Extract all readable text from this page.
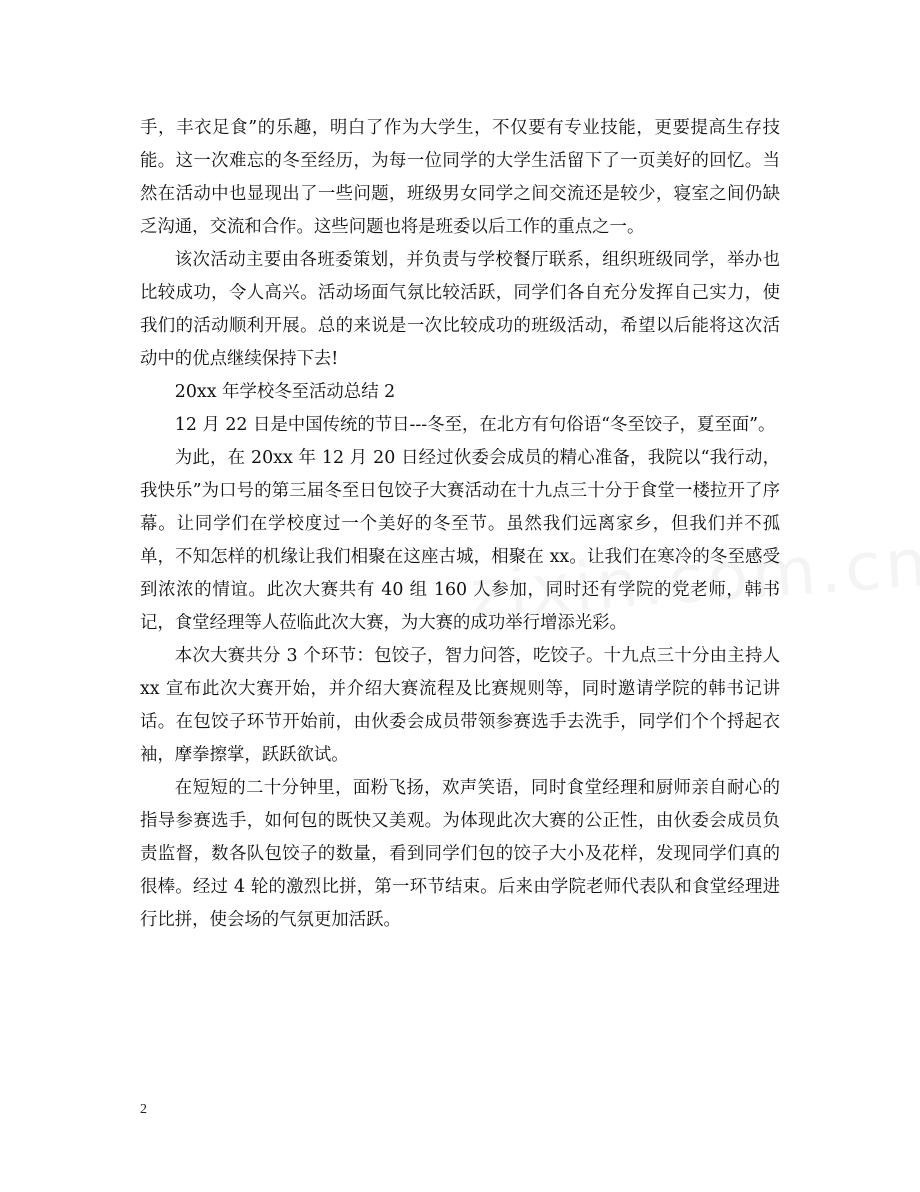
手，丰衣足食”的乐趣，明白了作为大学生，不仅要有专业技能，更要提高生存技能。这一次难忘的冬至经历，为每一位同学的大学生活留下了一页美好的回忆。当然在活动中也显现出了一些问题，班级男女同学之间交流还是较少，寝室之间仍缺乏沟通，交流和合作。这些问题也将是班委以后工作的重点之一。

该次活动主要由各班委策划，并负责与学校餐厅联系，组织班级同学，举办也比较成功，令人高兴。活动场面气氛比较活跃，同学们各自充分发挥自己实力，使我们的活动顺利开展。总的来说是一次比较成功的班级活动，希望以后能将这次活动中的优点继续保持下去!

20xx 年学校冬至活动总结 2

12 月 22 日是中国传统的节日---冬至，在北方有句俗语“冬至饺子，夏至面”。

为此，在 20xx 年 12 月 20 日经过伙委会成员的精心准备，我院以“我行动，我快乐”为口号的第三届冬至日包饺子大赛活动在十九点三十分于食堂一楼拉开了序幕。让同学们在学校度过一个美好的冬至节。虽然我们远离家乡，但我们并不孤单，不知怎样的机缘让我们相聚在这座古城，相聚在 xx。让我们在寒冷的冬至感受到浓浓的情谊。此次大赛共有 40 组 160 人参加，同时还有学院的党老师，韩书记，食堂经理等人莅临此次大赛，为大赛的成功举行增添光彩。

本次大赛共分 3 个环节：包饺子，智力问答，吃饺子。十九点三十分由主持人 xx 宣布此次大赛开始，并介绍大赛流程及比赛规则等，同时邀请学院的韩书记讲话。在包饺子环节开始前，由伙委会成员带领参赛选手去洗手，同学们个个捋起衣袖，摩拳擦掌，跃跃欲试。

在短短的二十分钟里，面粉飞扬，欢声笑语，同时食堂经理和厨师亲自耐心的指导参赛选手，如何包的既快又美观。为体现此次大赛的公正性，由伙委会成员负责监督，数各队包饺子的数量，看到同学们包的饺子大小及花样，发现同学们真的很棒。经过 4 轮的激烈比拼，第一环节结束。后来由学院老师代表队和食堂经理进行比拼，使会场的气氛更加活跃。

2
